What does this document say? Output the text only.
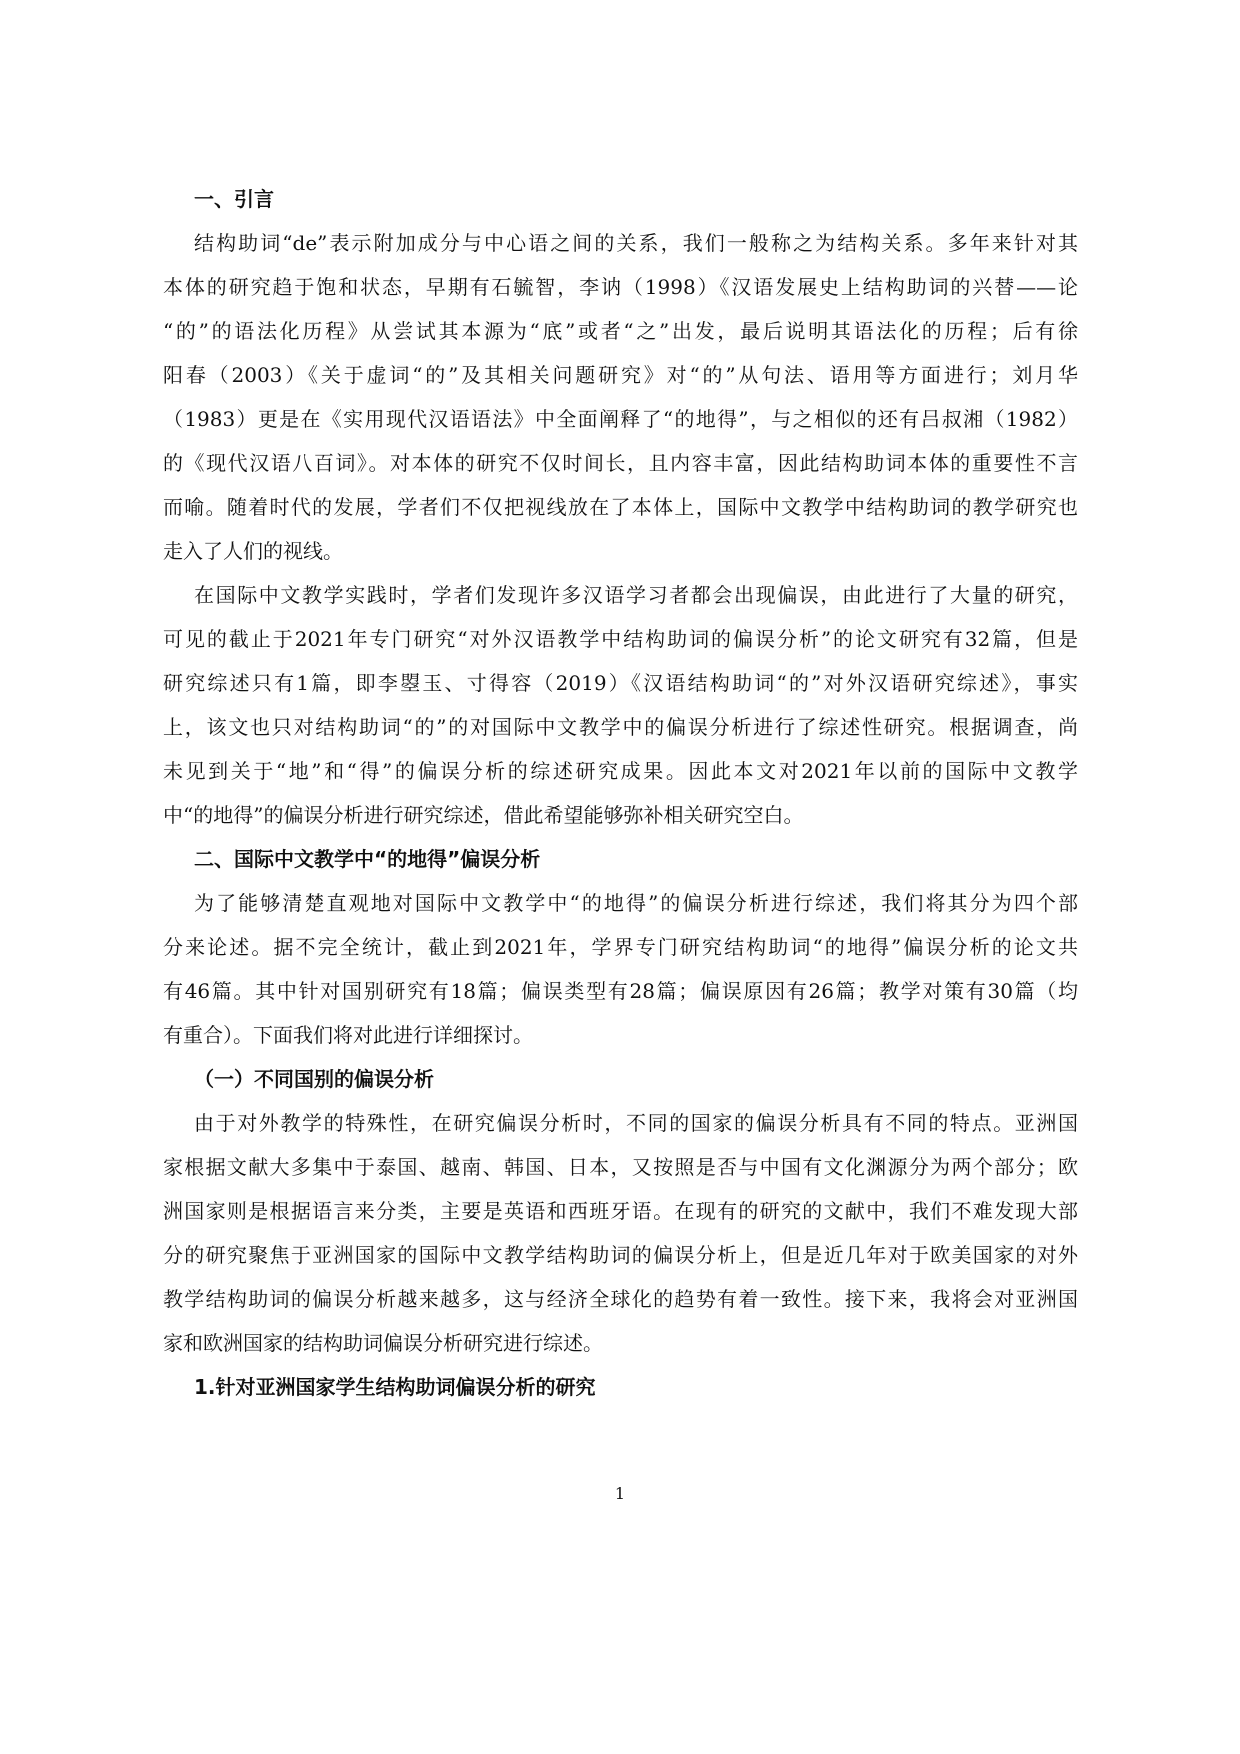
一、引言
结构助词“de”表示附加成分与中心语之间的关系，我们一般称之为结构关系。多年来针对其
本体的研究趋于饱和状态，早期有石毓智，李讷（1998）《汉语发展史上结构助词的兴替——论
“的”的语法化历程》从尝试其本源为“底”或者“之”出发，最后说明其语法化的历程；后有徐
阳春（2003）《关于虚词“的”及其相关问题研究》对“的”从句法、语用等方面进行；刘月华
（1983）更是在《实用现代汉语语法》中全面阐释了“的地得”，与之相似的还有吕叔湘（1982）
的《现代汉语八百词》。对本体的研究不仅时间长，且内容丰富，因此结构助词本体的重要性不言
而喻。随着时代的发展，学者们不仅把视线放在了本体上，国际中文教学中结构助词的教学研究也
走入了人们的视线。
在国际中文教学实践时，学者们发现许多汉语学习者都会出现偏误，由此进行了大量的研究，
可见的截止于2021年专门研究“对外汉语教学中结构助词的偏误分析”的论文研究有32篇，但是
研究综述只有1篇，即李曌玉、寸得容（2019）《汉语结构助词“的”对外汉语研究综述》，事实
上，该文也只对结构助词“的”的对国际中文教学中的偏误分析进行了综述性研究。根据调查，尚
未见到关于“地”和“得”的偏误分析的综述研究成果。因此本文对2021年以前的国际中文教学
中“的地得”的偏误分析进行研究综述，借此希望能够弥补相关研究空白。
二、国际中文教学中“的地得”偏误分析
为了能够清楚直观地对国际中文教学中“的地得”的偏误分析进行综述，我们将其分为四个部
分来论述。据不完全统计，截止到2021年，学界专门研究结构助词“的地得”偏误分析的论文共
有46篇。其中针对国别研究有18篇；偏误类型有28篇；偏误原因有26篇；教学对策有30篇（均
有重合）。下面我们将对此进行详细探讨。
（一）不同国别的偏误分析
由于对外教学的特殊性，在研究偏误分析时，不同的国家的偏误分析具有不同的特点。亚洲国
家根据文献大多集中于泰国、越南、韩国、日本，又按照是否与中国有文化渊源分为两个部分；欧
洲国家则是根据语言来分类，主要是英语和西班牙语。在现有的研究的文献中，我们不难发现大部
分的研究聚焦于亚洲国家的国际中文教学结构助词的偏误分析上，但是近几年对于欧美国家的对外
教学结构助词的偏误分析越来越多，这与经济全球化的趋势有着一致性。接下来，我将会对亚洲国
家和欧洲国家的结构助词偏误分析研究进行综述。
1.针对亚洲国家学生结构助词偏误分析的研究
1
